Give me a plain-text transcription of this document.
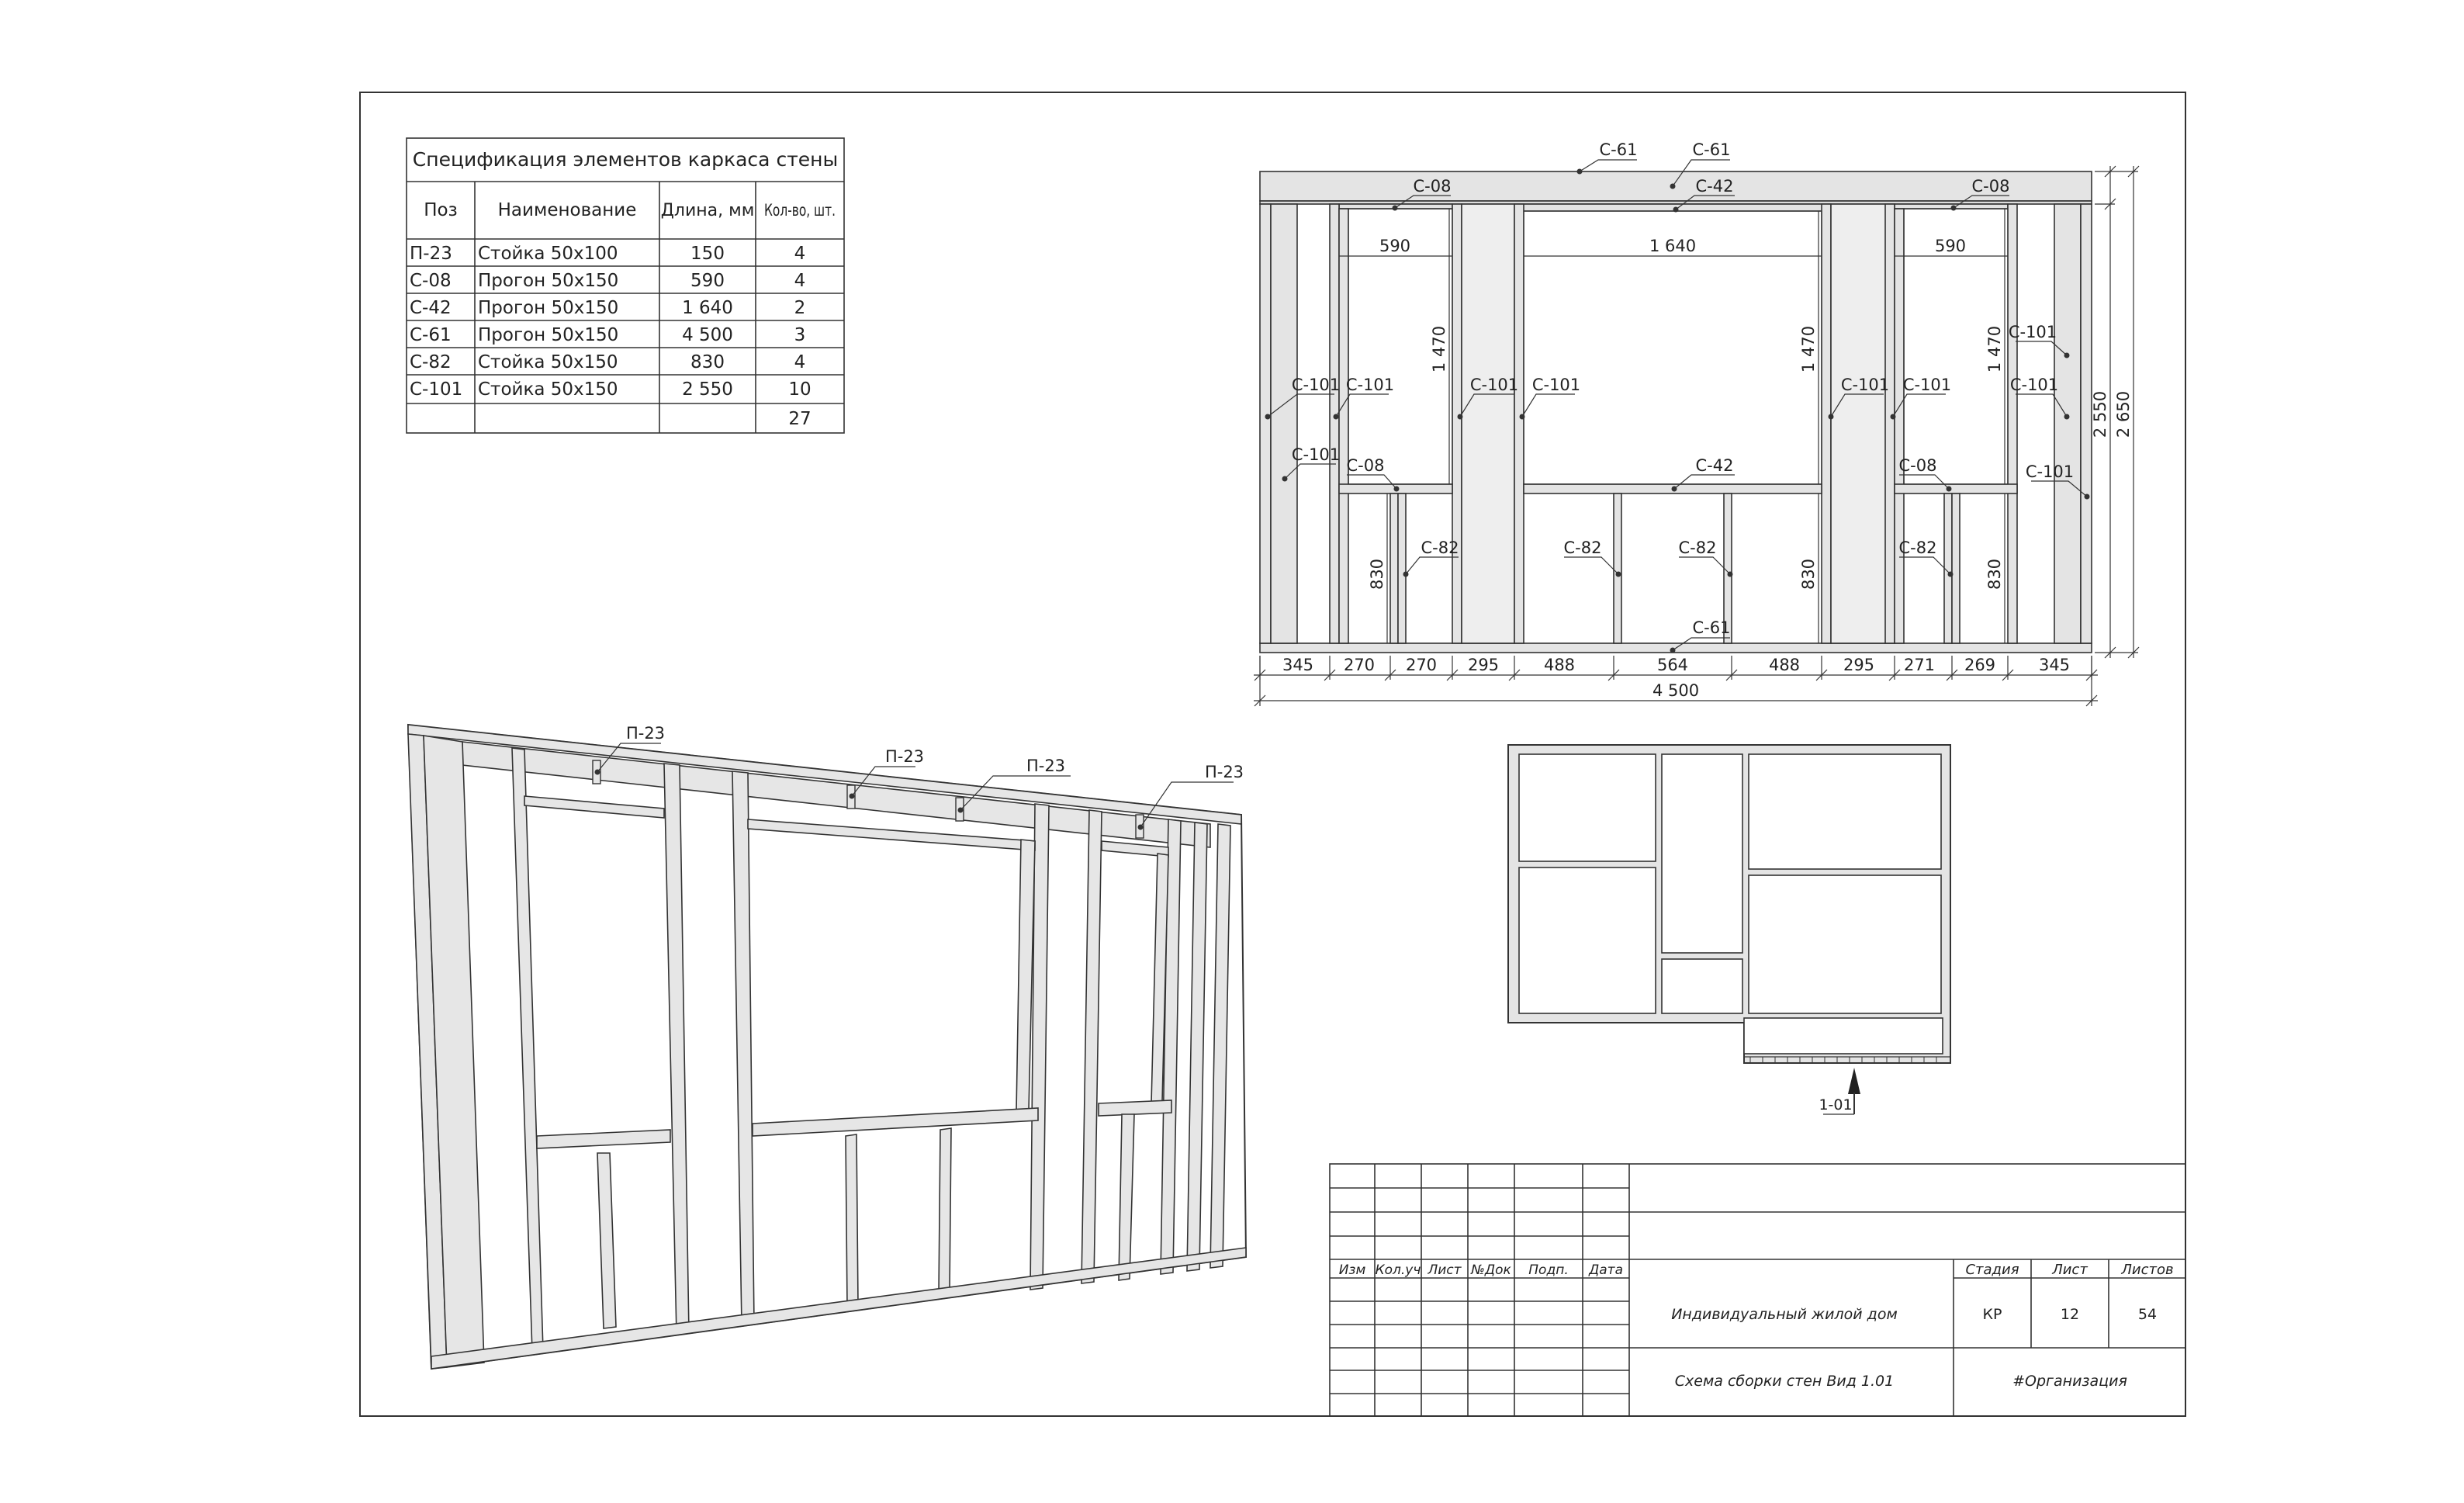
Спецификация элементов каркаса стены
Поз Наименование Длина, мм Кол-во, шт.
П-23 Стойка 50х100	150	4
С-08 Прогон 50х150	590	4
С-42 Прогон 50х150	1 640	2
С-61 Прогон 50х150	4 500	3
С-82 Стойка 50х150	830	4
С-101 Стойка 50х150	2 550	10
27
С-61	С-61
С-08	С-42	С-08
590	1 640	590
1 470	1 470	1 470
С-101
С-101
С-101	С-101 С-101	С-101 С-101
С-101
С-101
С-101
С-08	С-42	С-08
С-82	С-82	С-82	С-82
830	830	830
С-61
345 270 270 295	488	564	488	295 271 269	345
4 500
2 550 2 650
П-23
П-23	П-23	П-23
1-01
Изм Кол.уч Лист №Док Подп. Дата
Индивидуальный жилой дом
Схема сборки стен Вид 1.01
Стадия Лист Листов
КР	12	54
#Организация
